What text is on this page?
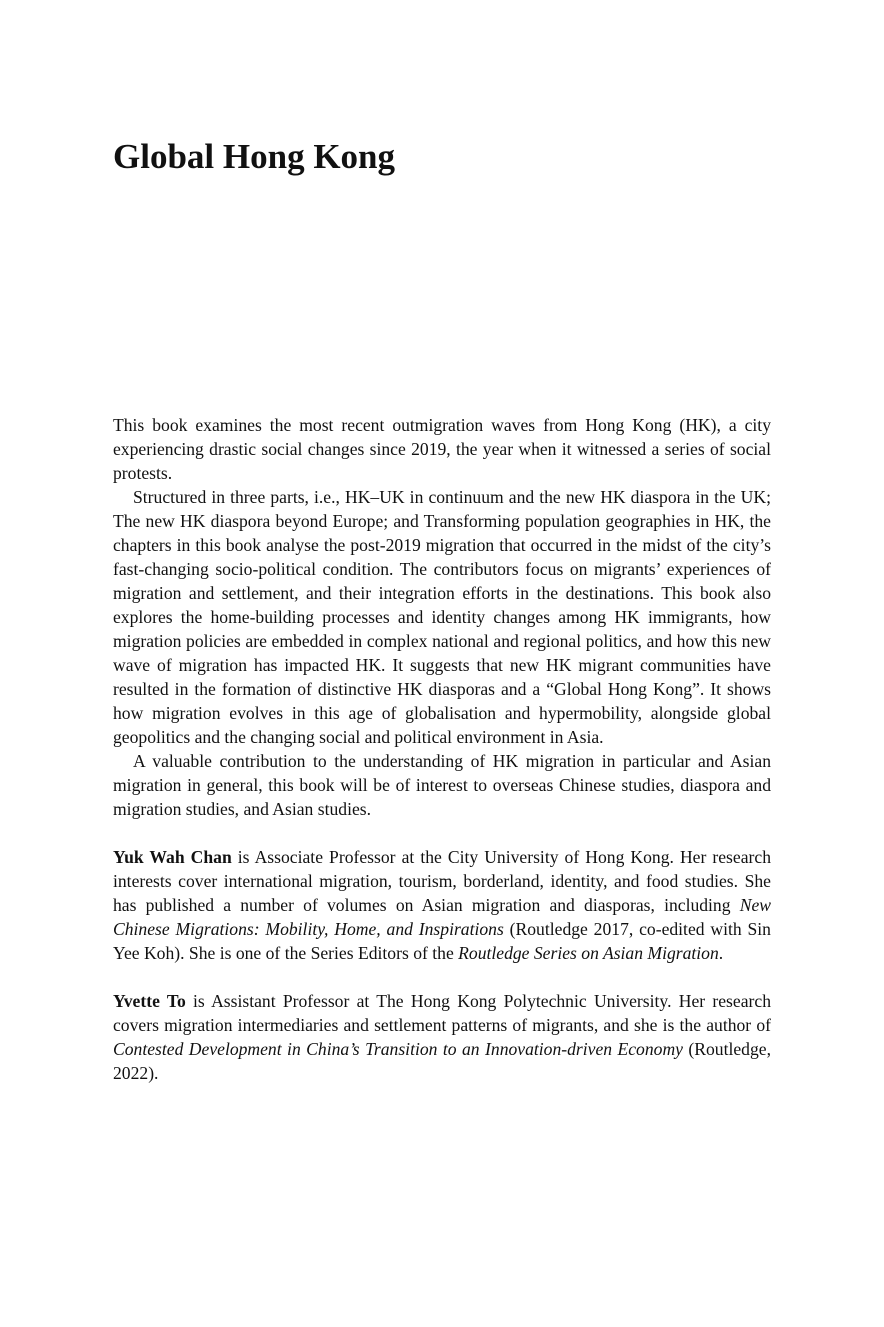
Global Hong Kong

This book examines the most recent outmigration waves from Hong Kong (HK), a city experiencing drastic social changes since 2019, the year when it witnessed a series of social protests.

Structured in three parts, i.e., HK–UK in continuum and the new HK diaspora in the UK; The new HK diaspora beyond Europe; and Transforming population geographies in HK, the chapters in this book analyse the post-2019 migration that occurred in the midst of the city’s fast-changing socio-political condition. The contributors focus on migrants’ experiences of migration and settlement, and their integration efforts in the destinations. This book also explores the home-building processes and identity changes among HK immigrants, how migration policies are embedded in complex national and regional politics, and how this new wave of migration has impacted HK. It suggests that new HK migrant communities have resulted in the formation of distinctive HK diasporas and a “Global Hong Kong”. It shows how migration evolves in this age of globalisation and hypermobility, alongside global geopolitics and the changing social and political environment in Asia.

A valuable contribution to the understanding of HK migration in particular and Asian migration in general, this book will be of interest to overseas Chinese studies, diaspora and migration studies, and Asian studies.

Yuk Wah Chan is Associate Professor at the City University of Hong Kong. Her research interests cover international migration, tourism, borderland, identity, and food studies. She has published a number of volumes on Asian migration and diasporas, including New Chinese Migrations: Mobility, Home, and Inspirations (Routledge 2017, co-edited with Sin Yee Koh). She is one of the Series Editors of the Routledge Series on Asian Migration.

Yvette To is Assistant Professor at The Hong Kong Polytechnic University. Her research covers migration intermediaries and settlement patterns of migrants, and she is the author of Contested Development in China’s Transition to an Innovation-driven Economy (Routledge, 2022).
